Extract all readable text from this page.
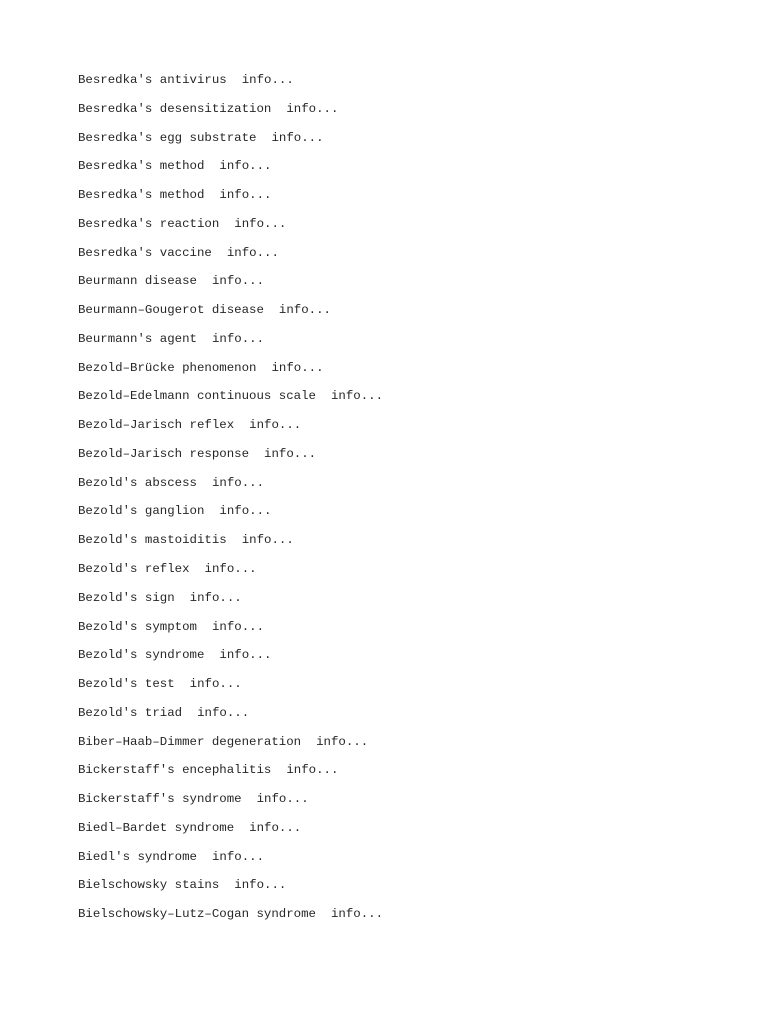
Besredka's antivirus info...
Besredka's desensitization info...
Besredka's egg substrate info...
Besredka's method info...
Besredka's method info...
Besredka's reaction info...
Besredka's vaccine info...
Beurmann disease info...
Beurmann–Gougerot disease info...
Beurmann's agent info...
Bezold–Brücke phenomenon info...
Bezold–Edelmann continuous scale info...
Bezold–Jarisch reflex info...
Bezold–Jarisch response info...
Bezold's abscess info...
Bezold's ganglion info...
Bezold's mastoiditis info...
Bezold's reflex info...
Bezold's sign info...
Bezold's symptom info...
Bezold's syndrome info...
Bezold's test info...
Bezold's triad info...
Biber–Haab–Dimmer degeneration info...
Bickerstaff's encephalitis info...
Bickerstaff's syndrome info...
Biedl–Bardet syndrome info...
Biedl's syndrome info...
Bielschowsky stains info...
Bielschowsky–Lutz–Cogan syndrome info...
